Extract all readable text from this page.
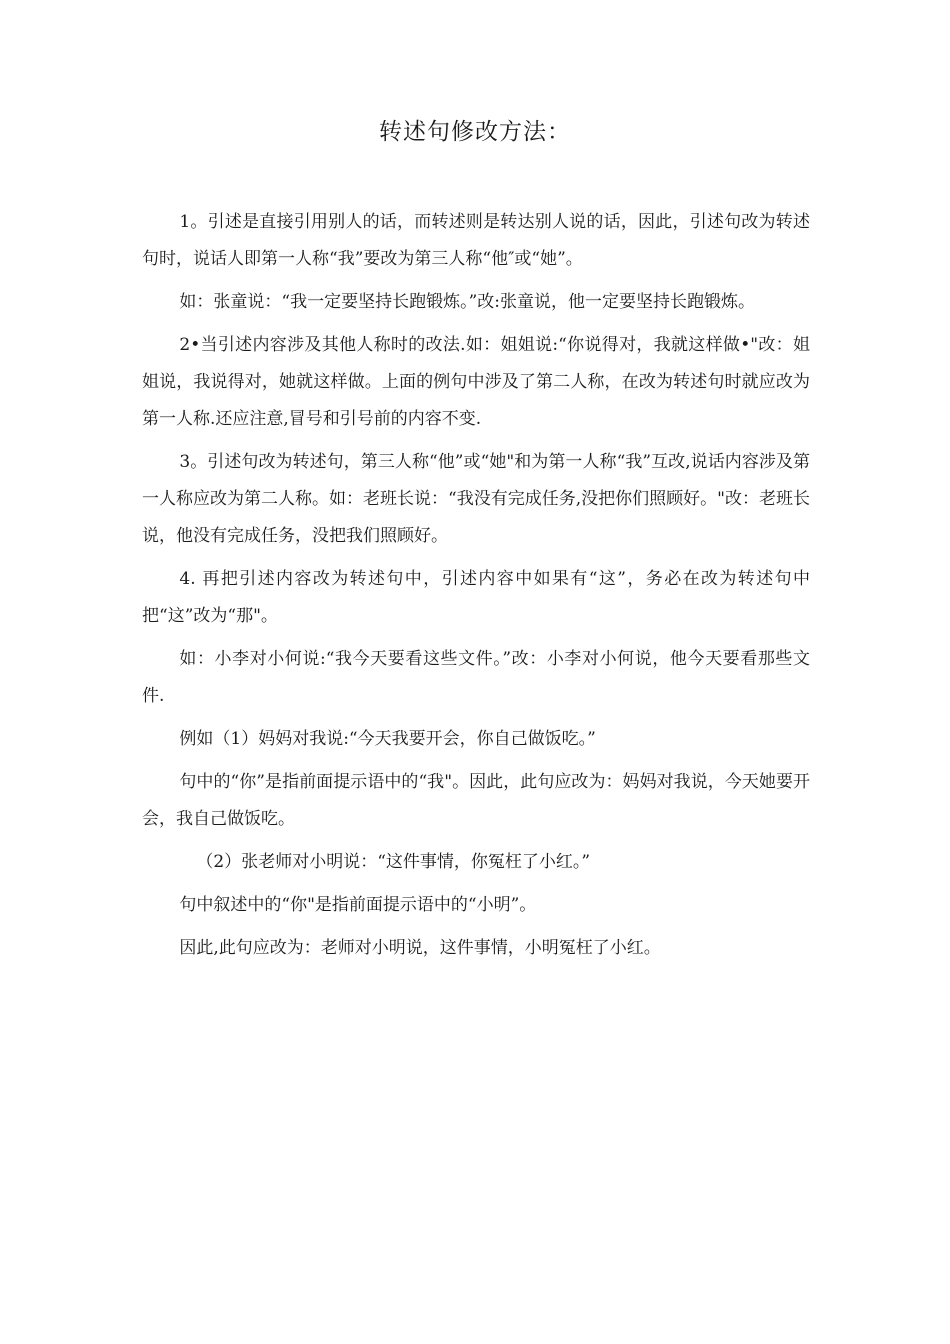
转述句修改方法：

1。引述是直接引用别人的话，而转述则是转达别人说的话，因此，引述句改为转述句时，说话人即第一人称“我”要改为第三人称“他″或“她”。

如：张童说：“我一定要坚持长跑锻炼。”改:张童说，他一定要坚持长跑锻炼。

2•当引述内容涉及其他人称时的改法.如：姐姐说:“你说得对，我就这样做•"改：姐姐说，我说得对，她就这样做。上面的例句中涉及了第二人称，在改为转述句时就应改为第一人称.还应注意,冒号和引号前的内容不变.

3。引述句改为转述句，第三人称“他”或“她"和为第一人称“我”互改,说话内容涉及第一人称应改为第二人称。如：老班长说：“我没有完成任务,没把你们照顾好。"改：老班长说，他没有完成任务，没把我们照顾好。

4. 再把引述内容改为转述句中，引述内容中如果有“这”，务必在改为转述句中把“这”改为“那"。

如：小李对小何说:“我今天要看这些文件。”改：小李对小何说，他今天要看那些文件.

例如（1）妈妈对我说:“今天我要开会，你自己做饭吃。”

句中的“你”是指前面提示语中的“我"。因此，此句应改为：妈妈对我说，今天她要开会，我自己做饭吃。

（2）张老师对小明说：“这件事情，你冤枉了小红。”

句中叙述中的“你"是指前面提示语中的“小明”。

因此,此句应改为：老师对小明说，这件事情，小明冤枉了小红。
